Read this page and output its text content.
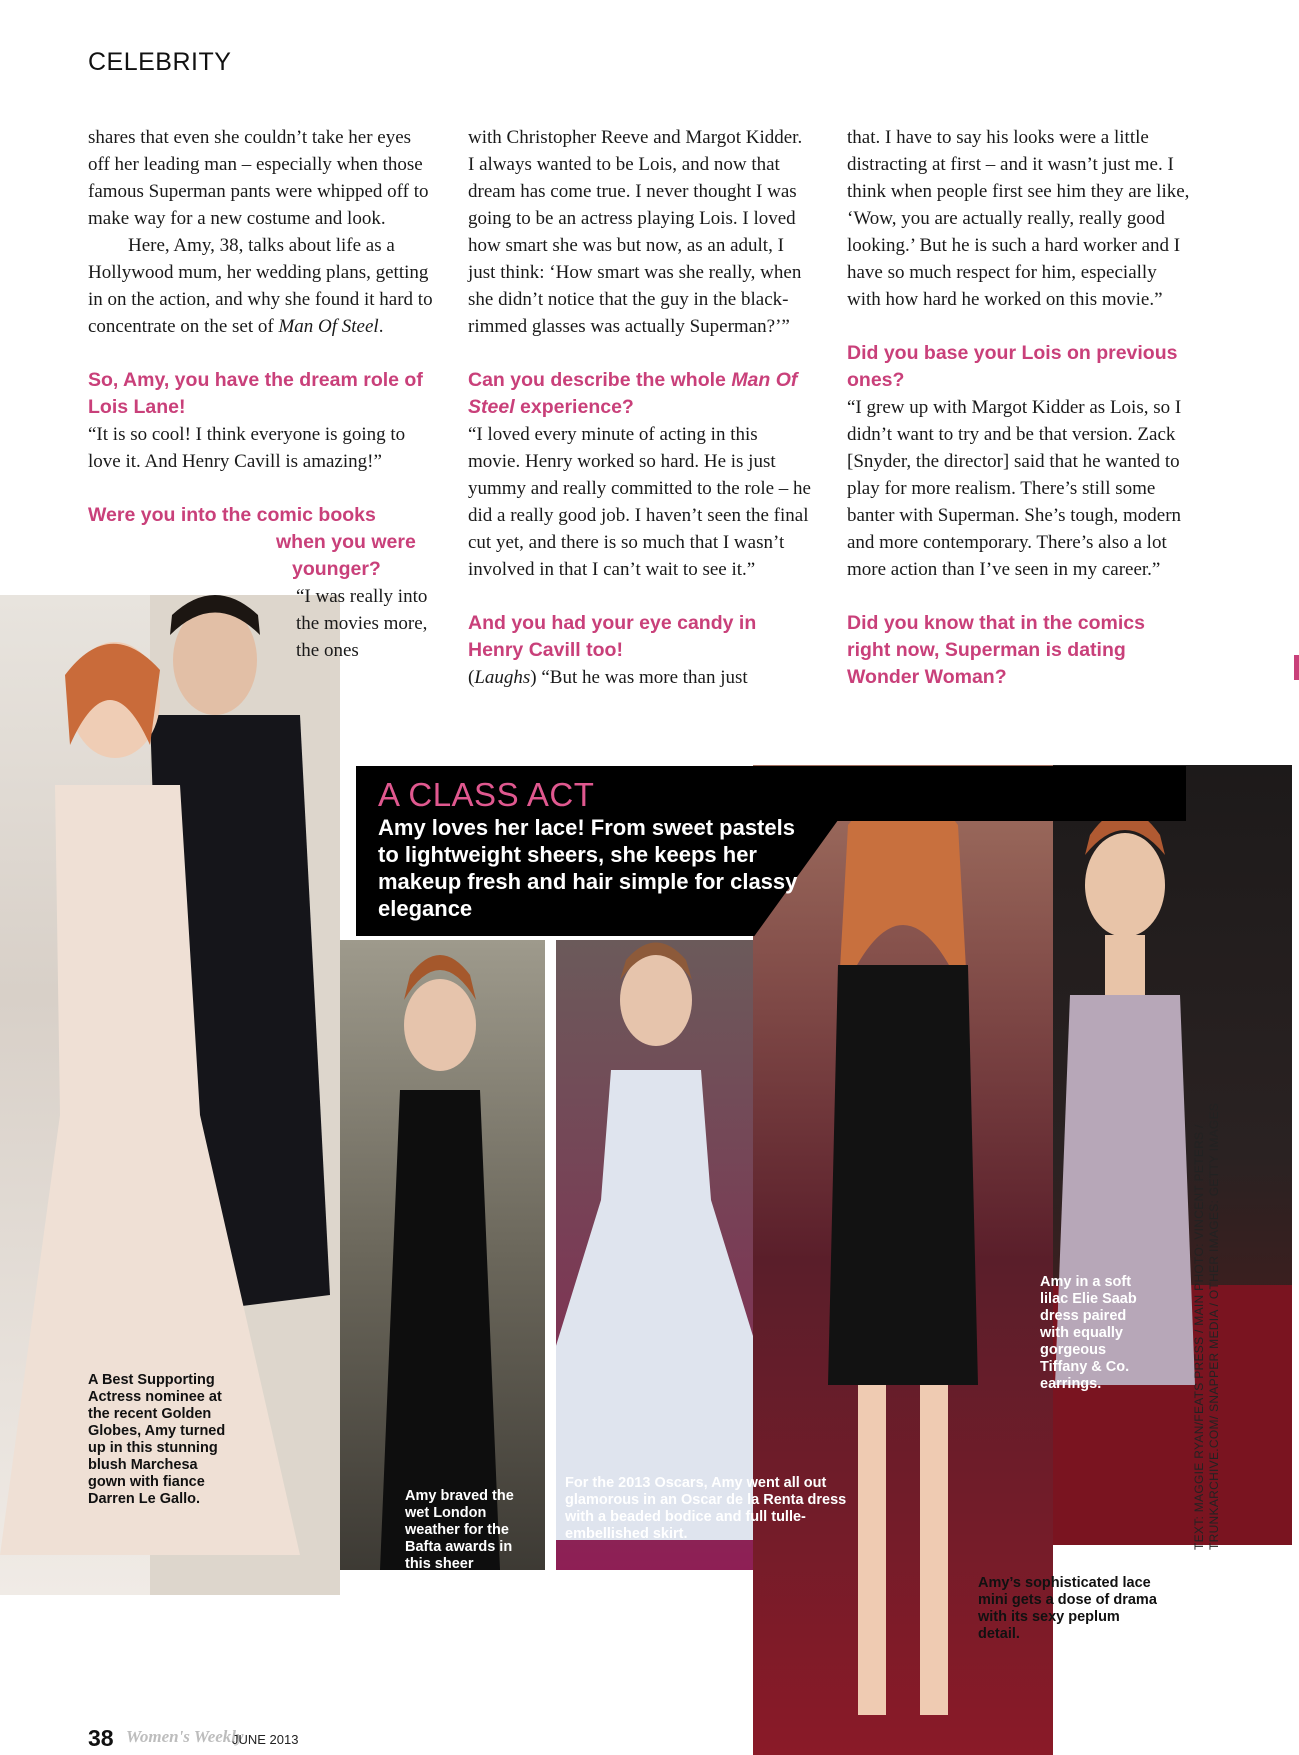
CELEBRITY

shares that even she couldn’t take her eyes off her leading man – especially when those famous Superman pants were whipped off to make way for a new costume and look.

Here, Amy, 38, talks about life as a Hollywood mum, her wedding plans, getting in on the action, and why she found it hard to concentrate on the set of Man Of Steel.

So, Amy, you have the dream role of Lois Lane!

“It is so cool! I think everyone is going to love it. And Henry Cavill is amazing!”

Were you into the comic books
when you were
younger?

with Christopher Reeve and Margot Kidder. I always wanted to be Lois, and now that dream has come true. I never thought I was going to be an actress playing Lois. I loved how smart she was but now, as an adult, I just think: ‘How smart was she really, when she didn’t notice that the guy in the black-rimmed glasses was actually Superman?’”

Can you describe the whole Man Of Steel experience?

“I loved every minute of acting in this movie. Henry worked so hard. He is just yummy and really committed to the role – he did a really good job. I haven’t seen the final cut yet, and there is so much that I wasn’t involved in that I can’t wait to see it.”

And you had your eye candy in Henry Cavill too!

(Laughs) “But he was more than just

that. I have to say his looks were a little distracting at first – and it wasn’t just me. I think when people first see him they are like, ‘Wow, you are actually really, really good looking.’ But he is such a hard worker and I have so much respect for him, especially with how hard he worked on this movie.”

Did you base your Lois on previous ones?

“I grew up with Margot Kidder as Lois, so I didn’t want to try and be that version. Zack [Snyder, the director] said that he wanted to play for more realism. There’s still some banter with Superman. She’s tough, modern and more contemporary. There’s also a lot more action than I’ve seen in my career.”

Did you know that in the comics right now, Superman is dating Wonder Woman?

A CLASS ACT
Amy loves her lace! From sweet pastels to lightweight sheers, she keeps her makeup fresh and hair simple for classy elegance

“I was really into the movies more, the ones

A Best Supporting Actress nominee at the recent Golden Globes, Amy turned up in this stunning blush Marchesa gown with fiance Darren Le Gallo.	Amy braved the wet London weather for the Bafta awards in this sheer Chantilly lace Elie Saab gown, complete with a sexy front slit.
For the 2013 Oscars, Amy went all out glamorous in an Oscar de la Renta dress with a beaded bodice and full tulle-embellished skirt.
Amy’s sophisticated lace mini gets a dose of drama with its sexy peplum detail.
Amy in a soft lilac Elie Saab dress paired with equally gorgeous Tiffany & Co. earrings.	TEXT: MAGGIE RYAN/FEATS PRESS / MAIN PHOTO: VINCENT PETERS / TRUNKARCHIVE.COM/ SNAPPER MEDIA / OTHER IMAGES: GETTY IMAGES
38 Women's Weekly
JUNE 2013
